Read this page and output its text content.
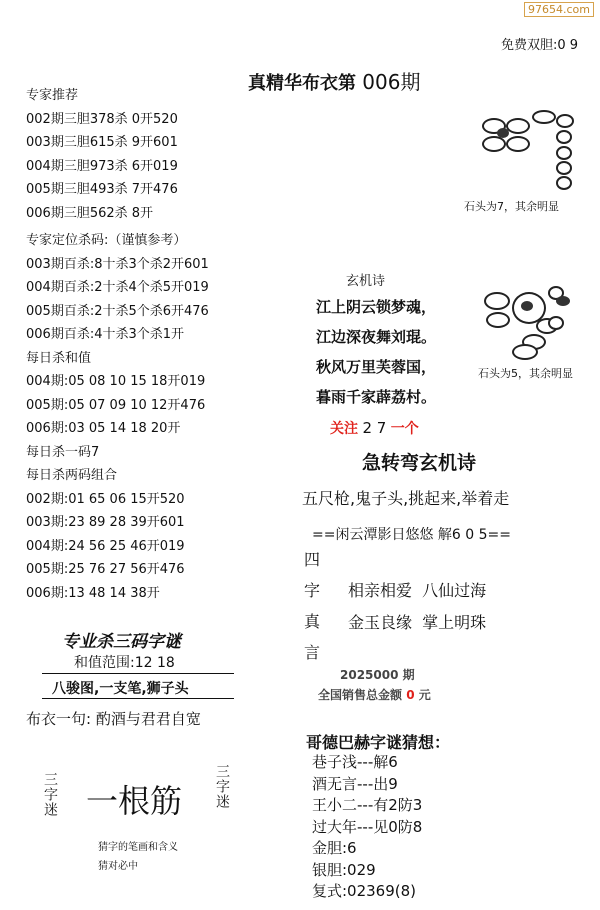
97654.com
免费双胆:0 9
真精华布衣第 006期
专家推荐
002期三胆378杀 0开520
003期三胆615杀 9开601
004期三胆973杀 6开019
005期三胆493杀 7开476
006期三胆562杀 8开
专家定位杀码:（谨慎参考）
003期百杀:8十杀3个杀2开601
004期百杀:2十杀4个杀5开019
005期百杀:2十杀5个杀6开476
006期百杀:4十杀3个杀1开
每日杀和值
004期:05 08 10 15 18开019
005期:05 07 09 10 12开476
006期:03 05 14 18 20开
每日杀一码7
每日杀两码组合
002期:01 65 06 15开520
003期:23 89 28 39开601
004期:24 56 25 46开019
005期:25 76 27 56开476
006期:13 48 14 38开
专业杀三码字谜
和值范围:12 18
八骏图,一支笔,狮子头
布衣一句: 酌酒与君君自宽
三字迷 一根筋 三字迷
猜字的笔画和含义
猜对必中
石头为7，其余明显
石头为5，其余明显
玄机诗
江上阴云锁梦魂，
江边深夜舞刘琨。
秋风万里芙蓉国，
暮雨千家薜荔村。
关注 2 7 一个
急转弯玄机诗
五尺枪,鬼子头,挑起来,举着走
==闲云潭影日悠悠 解6 0 5==
四
字
真
言
相亲相爱  八仙过海
金玉良缘  掌上明珠
2025000 期
全国销售总金额 0 元
哥德巴赫字谜猜想：
巷子浅---解6
酒无言---出9
王小二---有2防3
过大年---见0防8
金胆:6
银胆:029
复式:02369(8)
